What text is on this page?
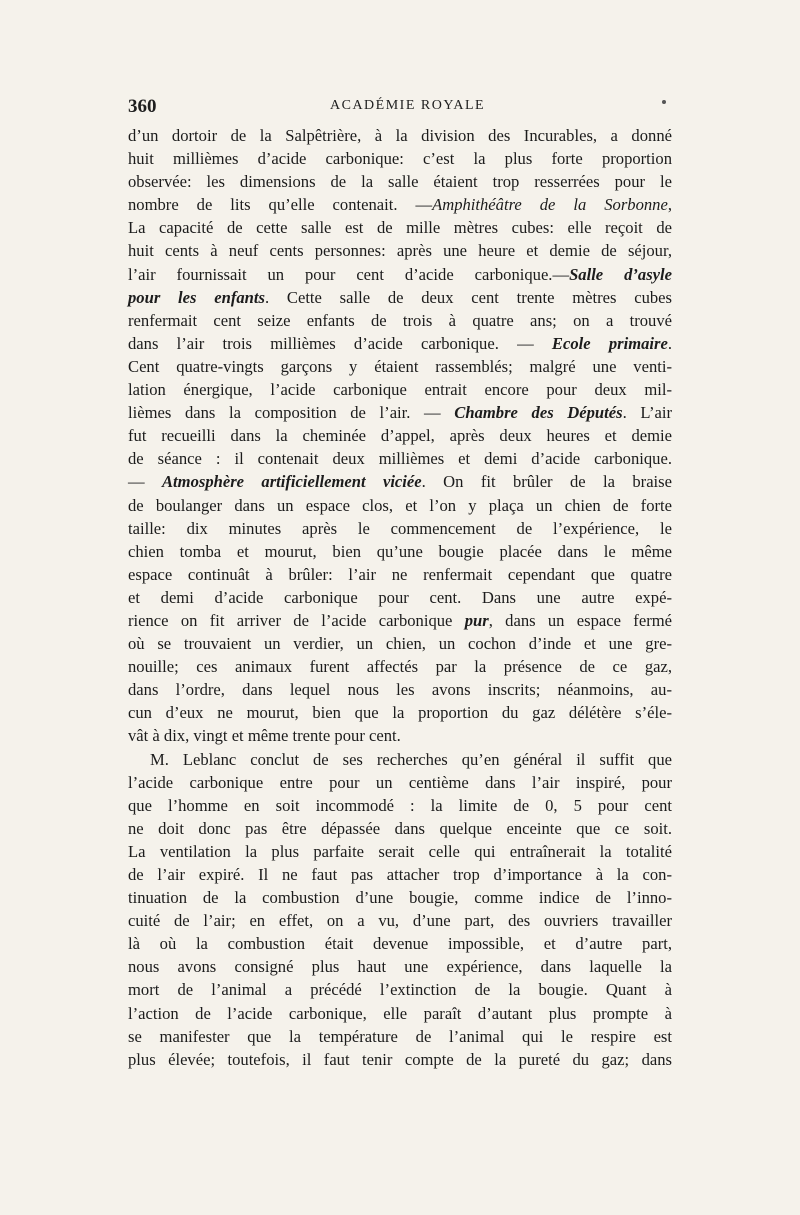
360	ACADÉMIE ROYALE
d’un dortoir de la Salpêtrière, à la division des Incurables, a donné
huit millièmes d’acide carbonique: c’est la plus forte proportion
observée: les dimensions de la salle étaient trop resserrées pour le
nombre de lits qu’elle contenait. —Amphithéâtre de la Sorbonne,
La capacité de cette salle est de mille mètres cubes: elle reçoit de
huit cents à neuf cents personnes: après une heure et demie de séjour,
l’air fournissait un pour cent d’acide carbonique.—Salle d’asyle
pour les enfants. Cette salle de deux cent trente mètres cubes
renfermait cent seize enfants de trois à quatre ans; on a trouvé
dans l’air trois millièmes d’acide carbonique. — Ecole primaire.
Cent quatre-vingts garçons y étaient rassemblés; malgré une venti-
lation énergique, l’acide carbonique entrait encore pour deux mil-
lièmes dans la composition de l’air. — Chambre des Députés. L’air
fut recueilli dans la cheminée d’appel, après deux heures et demie
de séance : il contenait deux millièmes et demi d’acide carbonique.
— Atmosphère artificiellement viciée. On fit brûler de la braise
de boulanger dans un espace clos, et l’on y plaça un chien de forte
taille: dix minutes après le commencement de l’expérience, le
chien tomba et mourut, bien qu’une bougie placée dans le même
espace continuât à brûler: l’air ne renfermait cependant que quatre
et demi d’acide carbonique pour cent. Dans une autre expé-
rience on fit arriver de l’acide carbonique pur, dans un espace fermé
où se trouvaient un verdier, un chien, un cochon d’inde et une gre-
nouille; ces animaux furent affectés par la présence de ce gaz,
dans l’ordre, dans lequel nous les avons inscrits; néanmoins, au-
cun d’eux ne mourut, bien que la proportion du gaz délétère s’éle-
vât à dix, vingt et même trente pour cent.
M. Leblanc conclut de ses recherches qu’en général il suffit que
l’acide carbonique entre pour un centième dans l’air inspiré, pour
que l’homme en soit incommodé : la limite de 0, 5 pour cent
ne doit donc pas être dépassée dans quelque enceinte que ce soit.
La ventilation la plus parfaite serait celle qui entraînerait la totalité
de l’air expiré. Il ne faut pas attacher trop d’importance à la con-
tinuation de la combustion d’une bougie, comme indice de l’inno-
cuité de l’air; en effet, on a vu, d’une part, des ouvriers travailler
là où la combustion était devenue impossible, et d’autre part,
nous avons consigné plus haut une expérience, dans laquelle la
mort de l’animal a précédé l’extinction de la bougie. Quant à
l’action de l’acide carbonique, elle paraît d’autant plus prompte à
se manifester que la température de l’animal qui le respire est
plus élevée; toutefois, il faut tenir compte de la pureté du gaz; dans
